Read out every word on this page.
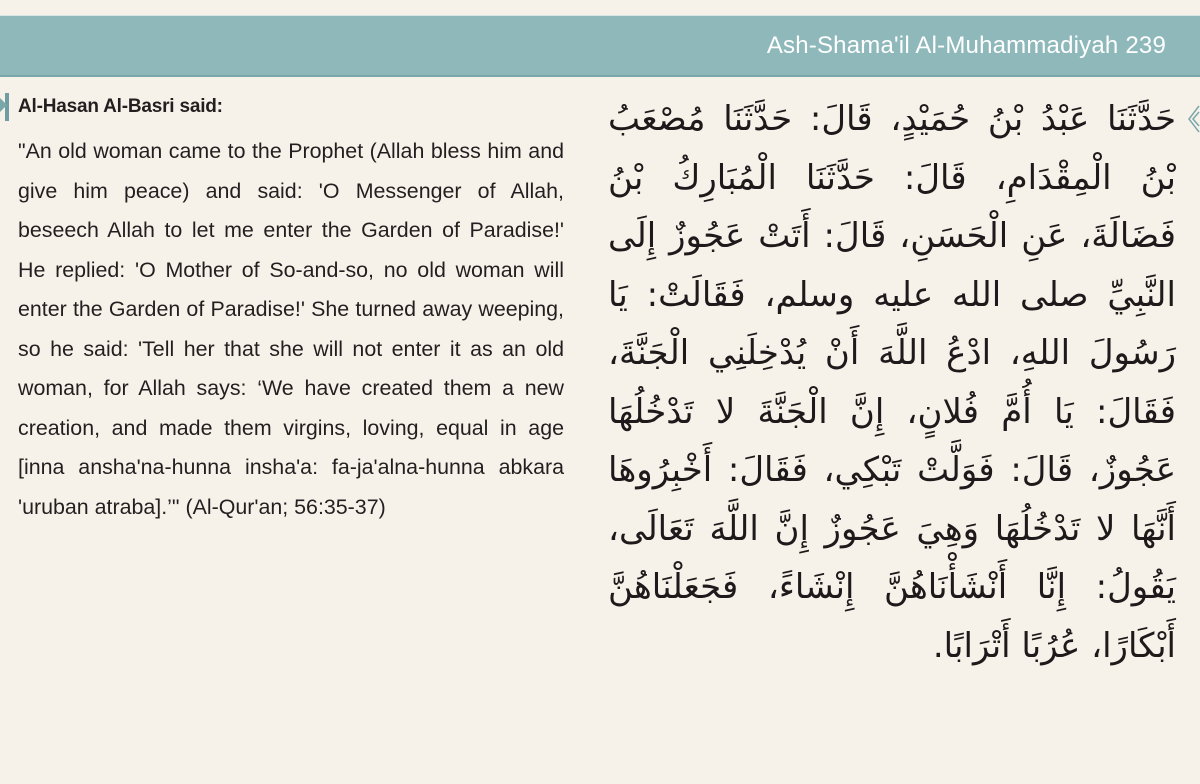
Ash-Shama'il Al-Muhammadiyah 239

Al-Hasan Al-Basri said:

"An old woman came to the Prophet (Allah bless him and give him peace) and said: 'O Messenger of Allah, beseech Allah to let me enter the Garden of Paradise!' He replied: 'O Mother of So-and-so, no old woman will enter the Garden of Paradise!' She turned away weeping, so he said: 'Tell her that she will not enter it as an old woman, for Allah says: ‘We have created them a new creation, and made them virgins, loving, equal in age [inna ansha'na-hunna insha'a: fa-ja'alna-hunna abkara 'uruban atraba].’" (Al-Qur'an; 56:35-37)

حَدَّثَنَا عَبْدُ بْنُ حُمَيْدٍ، قَالَ: حَدَّثَنَا مُصْعَبُ بْنُ الْمِقْدَامِ، قَالَ: حَدَّثَنَا الْمُبَارِكُ بْنُ فَضَالَةَ، عَنِ الْحَسَنِ، قَالَ: أَتَتْ عَجُوزٌ إِلَى النَّبِيِّ صلى الله عليه وسلم، فَقَالَتْ: يَا رَسُولَ اللهِ، ادْعُ اللَّهَ أَنْ يُدْخِلَنِي الْجَنَّةَ، فَقَالَ: يَا أُمَّ فُلانٍ، إِنَّ الْجَنَّةَ لا تَدْخُلُهَا عَجُوزٌ، قَالَ: فَوَلَّتْ تَبْكِي، فَقَالَ: أَخْبِرُوهَا أَنَّهَا لا تَدْخُلُهَا وَهِيَ عَجُوزٌ إِنَّ اللَّهَ تَعَالَى، يَقُولُ: إِنَّا أَنْشَأْنَاهُنَّ إِنْشَاءً، فَجَعَلْنَاهُنَّ أَبْكَارًا، عُرُبًا أَتْرَابًا.
